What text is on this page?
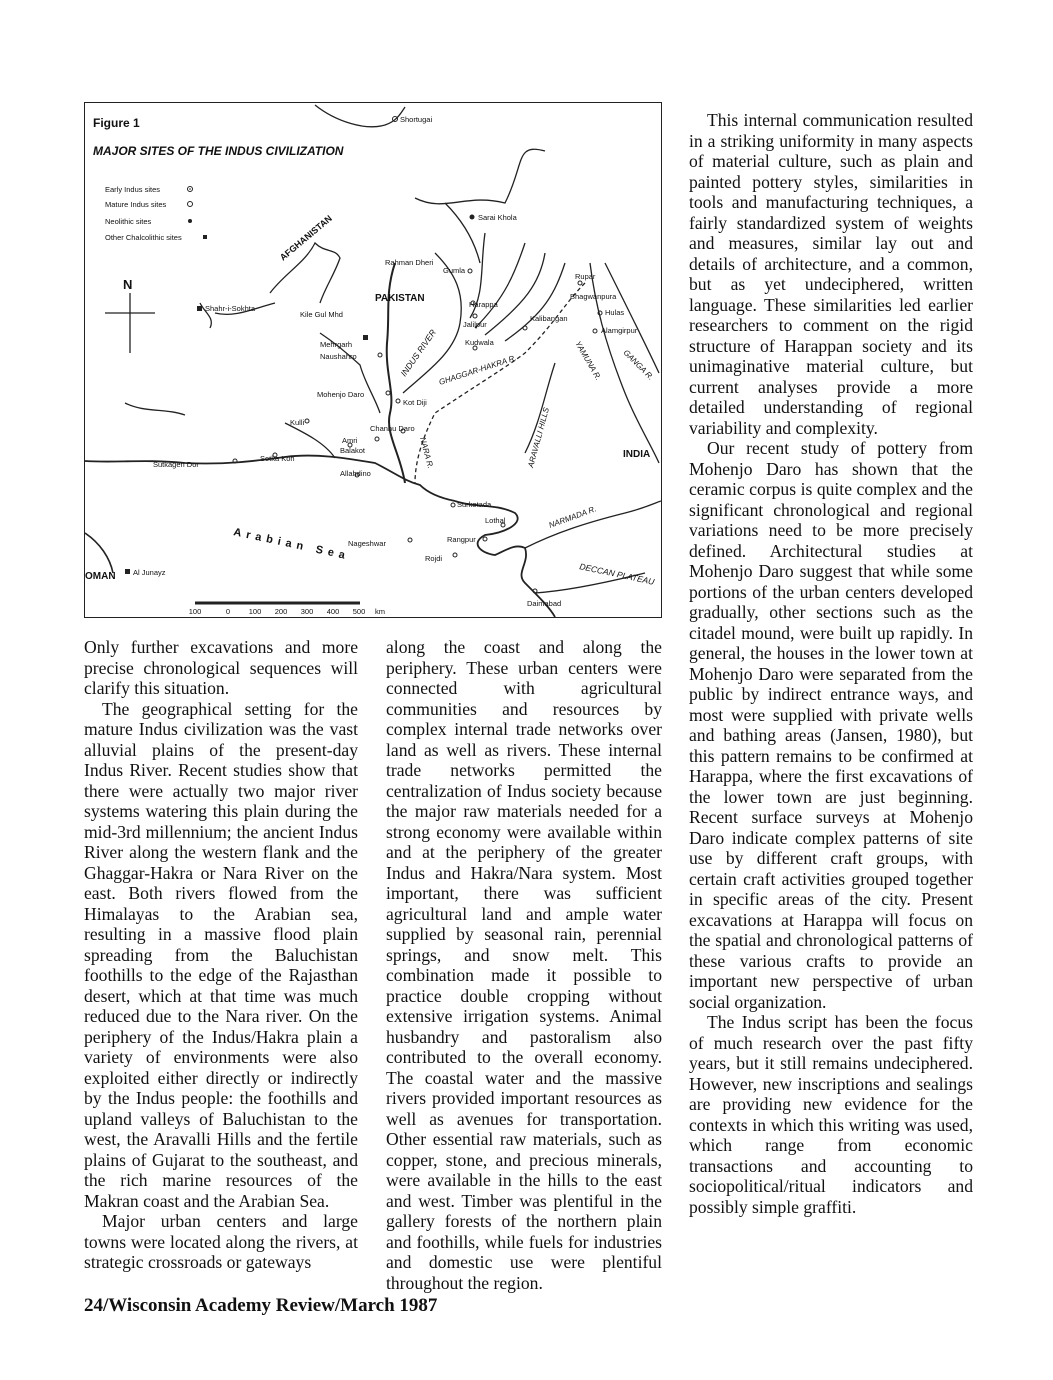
Figure 1
MAJOR SITES OF THE INDUS CIVILIZATION
Early Indus sites
Mature Indus sites
Neolithic sites
Other Chalcolithic sites
N
AFGHANISTAN
PAKISTAN
INDIA
OMAN
Arabian Sea
DECCAN PLATEAU
ARAVALLI HILLS
INDUS RIVER GHAGGAR-HAKRA R.
NARA R.
YAMUNA R. GANGA R.
NARMADA R.
Shortugai
Sarai Khola
Rahman Dheri
Gumla
Harappa
Jalilpur
Rupar
Bhagwanpura
Hulas
Alamgirpur
Kalibangan
Kudwala
Shahr-i-Sokhta
Kile Gul Mhd
Mehrgarh
Naushahro
Mohenjo Daro
Kot Diji
Kulli
Chanhu Daro
Amri
Balakot
Allahdino
Sotka Koh
Sutkagen Dor
Surkotada
Lothal
Nageshwar	Rangpur
Rojdi
Al Junayz
Daimabad
100	0 100 200 300 400 500 km

Only further excavations and more precise chronological sequences will clarify this situation.

The geographical setting for the mature Indus civilization was the vast alluvial plains of the present-day Indus River. Recent studies show that there were actually two major river systems watering this plain during the mid-3rd millennium; the ancient Indus River along the western flank and the Ghaggar-Hakra or Nara River on the east. Both rivers flowed from the Himalayas to the Arabian sea, resulting in a massive flood plain spreading from the Baluchistan foothills to the edge of the Rajasthan desert, which at that time was much reduced due to the Nara river. On the periphery of the Indus/Hakra plain a variety of environments were also exploited either directly or indirectly by the Indus people: the foothills and upland valleys of Baluchistan to the west, the Aravalli Hills and the fertile plains of Gujarat to the southeast, and the rich marine resources of the Makran coast and the Arabian Sea.

Major urban centers and large towns were located along the rivers, at strategic crossroads or gateways

along the coast and along the periphery. These urban centers were connected with agricultural communities and resources by complex internal trade networks over land as well as rivers. These internal trade networks permitted the centralization of Indus society because the major raw materials needed for a strong economy were available within and at the periphery of the greater Indus and Hakra/Nara system. Most important, there was sufficient agricultural land and ample water supplied by seasonal rain, perennial springs, and snow melt. This combination made it possible to practice double cropping without extensive irrigation systems. Animal husbandry and pastoralism also contributed to the overall economy. The coastal water and the massive rivers provided important resources as well as avenues for transportation. Other essential raw materials, such as copper, stone, and precious minerals, were available in the hills to the east and west. Timber was plentiful in the gallery forests of the northern plain and foothills, while fuels for industries and domestic use were plentiful throughout the region.

This internal communication resulted in a striking uniformity in many aspects of material culture, such as plain and painted pottery styles, similarities in tools and manufacturing techniques, a fairly standardized system of weights and measures, similar lay out and details of architecture, and a common, but as yet undeciphered, written language. These similarities led earlier researchers to comment on the rigid structure of Harappan society and its unimaginative material culture, but current analyses provide a more detailed understanding of regional variability and complexity.

Our recent study of pottery from Mohenjo Daro has shown that the ceramic corpus is quite complex and the significant chronological and regional variations need to be more precisely defined. Architectural studies at Mohenjo Daro suggest that while some portions of the urban centers developed gradually, other sections such as the citadel mound, were built up rapidly. In general, the houses in the lower town at Mohenjo Daro were separated from the public by indirect entrance ways, and most were supplied with private wells and bathing areas (Jansen, 1980), but this pattern remains to be confirmed at Harappa, where the first excavations of the lower town are just beginning. Recent surface surveys at Mohenjo Daro indicate complex patterns of site use by different craft groups, with certain craft activities grouped together in specific areas of the city. Present excavations at Harappa will focus on the spatial and chronological patterns of these various crafts to provide an important new perspective of urban social organization.

The Indus script has been the focus of much research over the past fifty years, but it still remains undeciphered. However, new inscriptions and sealings are providing new evidence for the contexts in which this writing was used, which range from economic transactions and accounting to sociopolitical/ritual indicators and possibly simple graffiti.

24/Wisconsin Academy Review/March 1987
